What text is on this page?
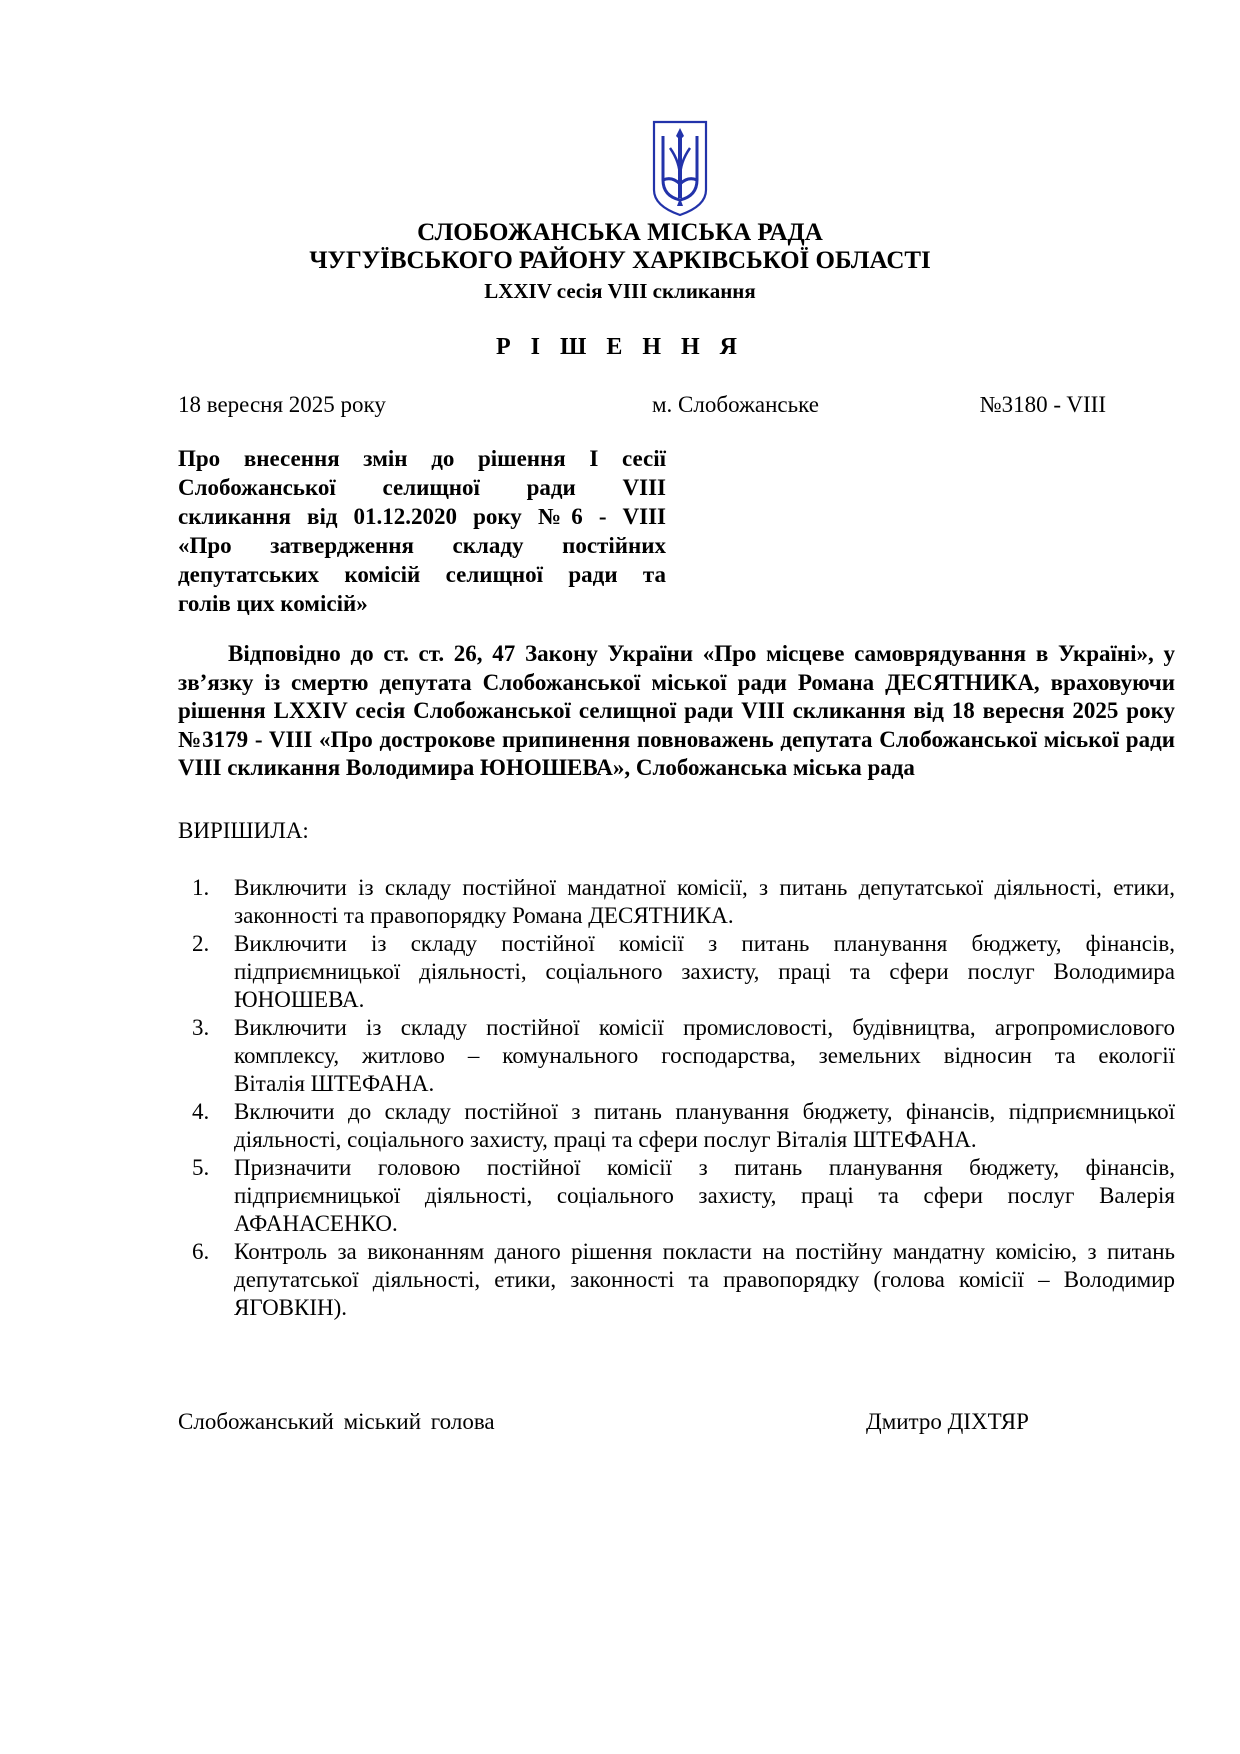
СЛОБОЖАНСЬКА МІСЬКА РАДА
ЧУГУЇВСЬКОГО РАЙОНУ ХАРКІВСЬКОЇ ОБЛАСТІ
LXXIV сесія VIII скликання
Р І Ш Е Н Н Я
18 вересня 2025 року	м. Слобожанське	№3180 - VIII
Про внесення змін до рішення І сесії
Слобожанської селищної ради VIII
скликання від 01.12.2020 року №6 - VIII
«Про затвердження складу постійних
депутатських комісій селищної ради та
голів цих комісій»
Відповідно до ст. ст. 26, 47 Закону України «Про місцеве самоврядування в Україні», у
зв’язку із смертю депутата Слобожанської міської ради Романа ДЕСЯТНИКА, враховуючи
рішення LXXIV сесія Слобожанської селищної ради VIII скликання від 18 вересня 2025 року
№3179 - VIII «Про дострокове припинення повноважень депутата Слобожанської міської ради
VIII скликання Володимира ЮНОШЕВА», Слобожанська міська рада
ВИРІШИЛА:
1. Виключити із складу постійної мандатної комісії, з питань депутатської діяльності, етики,
законності та правопорядку Романа ДЕСЯТНИКА.
2. Виключити із складу постійної комісії з питань планування бюджету, фінансів,
підприємницької діяльності, соціального захисту, праці та сфери послуг Володимира
ЮНОШЕВА.
3. Виключити із складу постійної комісії промисловості, будівництва, агропромислового
комплексу, житлово – комунального господарства, земельних відносин та екології
Віталія ШТЕФАНА.
4. Включити до складу постійної з питань планування бюджету, фінансів, підприємницької
діяльності, соціального захисту, праці та сфери послуг Віталія ШТЕФАНА.
5. Призначити головою постійної комісії з питань планування бюджету, фінансів,
підприємницької діяльності, соціального захисту, праці та сфери послуг Валерія
АФАНАСЕНКО.
6. Контроль за виконанням даного рішення покласти на постійну мандатну комісію, з питань
депутатської діяльності, етики, законності та правопорядку (голова комісії – Володимир
ЯГОВКІН).
Слобожанський міський голова	Дмитро ДІХТЯР
